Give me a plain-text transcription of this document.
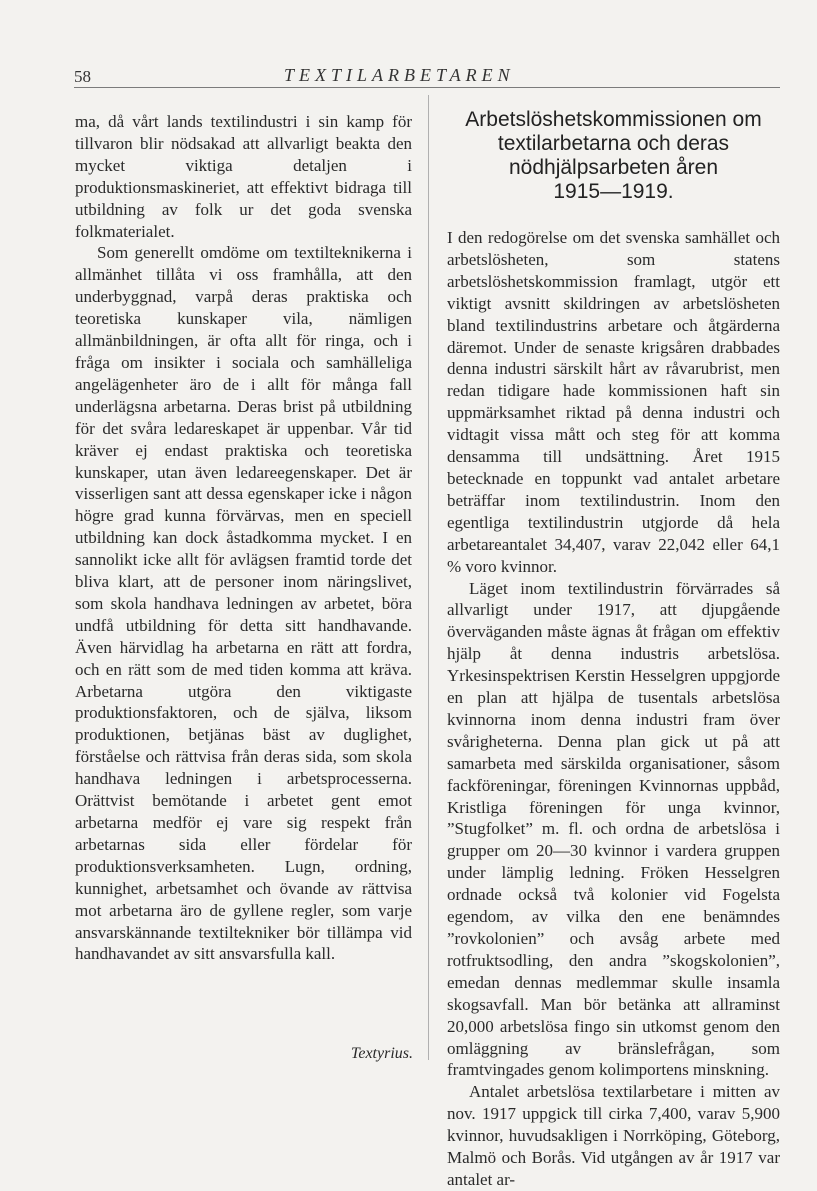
58	TEXTILARBETAREN

ma, då vårt lands textilindustri i sin kamp för tillvaron blir nödsakad att allvarligt beakta den mycket viktiga detaljen i produktionsmaskineriet, att effektivt bidraga till utbildning av folk ur det goda svenska folkmaterialet.

Som generellt omdöme om textilteknikerna i allmänhet tillåta vi oss framhålla, att den underbyggnad, varpå deras praktiska och teoretiska kunskaper vila, nämligen allmänbildningen, är ofta allt för ringa, och i fråga om insikter i sociala och samhälleliga angelägenheter äro de i allt för många fall underlägsna arbetarna. Deras brist på utbildning för det svåra ledareskapet är uppenbar. Vår tid kräver ej endast praktiska och teoretiska kunskaper, utan även ledareegenskaper. Det är visserligen sant att dessa egenskaper icke i någon högre grad kunna förvärvas, men en speciell utbildning kan dock åstadkomma mycket. I en sannolikt icke allt för avlägsen framtid torde det bliva klart, att de personer inom näringslivet, som skola handhava ledningen av arbetet, böra undfå utbildning för detta sitt handhavande. Även härvidlag ha arbetarna en rätt att fordra, och en rätt som de med tiden komma att kräva. Arbetarna utgöra den viktigaste produktionsfaktoren, och de själva, liksom produktionen, betjänas bäst av duglighet, förståelse och rättvisa från deras sida, som skola handhava ledningen i arbetsprocesserna. Orättvist bemötande i arbetet gent emot arbetarna medför ej vare sig respekt från arbetarnas sida eller fördelar för produktionsverksamheten. Lugn, ordning, kunnighet, arbetsamhet och övande av rättvisa mot arbetarna äro de gyllene regler, som varje ansvarskännande textiltekniker bör tillämpa vid handhavandet av sitt ansvarsfulla kall.

Textyrius.
Arbetslöshetskommissionen om
textilarbetarna och deras
nödhjälpsarbeten åren
1915—1919.

I den redogörelse om det svenska samhället och arbetslösheten, som statens arbetslöshetskommission framlagt, utgör ett viktigt avsnitt skildringen av arbetslösheten bland textilindustrins arbetare och åtgärderna däremot. Under de senaste krigsåren drabbades denna industri särskilt hårt av råvarubrist, men redan tidigare hade kommissionen haft sin uppmärksamhet riktad på denna industri och vidtagit vissa mått och steg för att komma densamma till undsättning. Året 1915 betecknade en toppunkt vad antalet arbetare beträffar inom textilindustrin. Inom den egentliga textilindustrin utgjorde då hela arbetareantalet 34,407, varav 22,042 eller 64,1 % voro kvinnor.

Läget inom textilindustrin förvärrades så allvarligt under 1917, att djupgående överväganden måste ägnas åt frågan om effektiv hjälp åt denna industris arbetslösa. Yrkesinspektrisen Kerstin Hesselgren uppgjorde en plan att hjälpa de tusentals arbetslösa kvinnorna inom denna industri fram över svårigheterna. Denna plan gick ut på att samarbeta med särskilda organisationer, såsom fackföreningar, föreningen Kvinnornas uppbåd, Kristliga föreningen för unga kvinnor, ”Stugfolket” m. fl. och ordna de arbetslösa i grupper om 20—30 kvinnor i vardera gruppen under lämplig ledning. Fröken Hesselgren ordnade också två kolonier vid Fogelsta egendom, av vilka den ene benämndes ”rovkolonien” och avsåg arbete med rotfruktsodling, den andra ”skogskolonien”, emedan dennas medlemmar skulle insamla skogsavfall. Man bör betänka att allraminst 20,000 arbetslösa fingo sin utkomst genom den omläggning av bränslefrågan, som framtvingades genom kolimportens minskning.

Antalet arbetslösa textilarbetare i mitten av nov. 1917 uppgick till cirka 7,400, varav 5,900 kvinnor, huvudsakligen i Norrköping, Göteborg, Malmö och Borås. Vid utgången av år 1917 var antalet ar-
